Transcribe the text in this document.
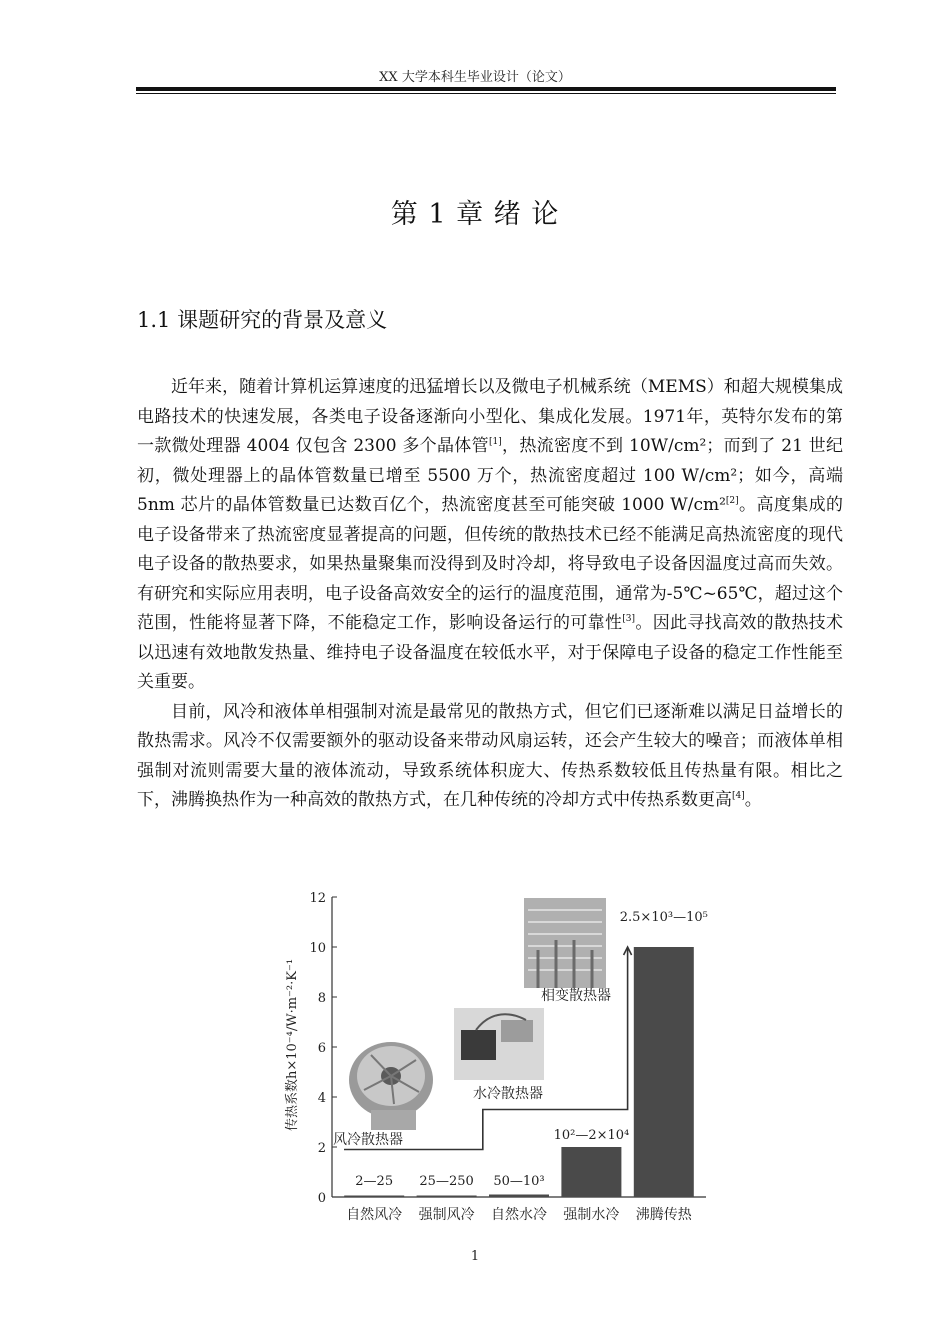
XX 大学本科生毕业设计（论文）
第 1 章 绪 论
1.1 课题研究的背景及意义

近年来，随着计算机运算速度的迅猛增长以及微电子机械系统（MEMS）和超大规模集成电路技术的快速发展，各类电子设备逐渐向小型化、集成化发展。1971年，英特尔发布的第一款微处理器 4004 仅包含 2300 多个晶体管[1]，热流密度不到 10W/cm²；而到了 21 世纪初，微处理器上的晶体管数量已增至 5500 万个，热流密度超过 100 W/cm²；如今，高端 5nm 芯片的晶体管数量已达数百亿个，热流密度甚至可能突破 1000 W/cm²[2]。高度集成的电子设备带来了热流密度显著提高的问题，但传统的散热技术已经不能满足高热流密度的现代电子设备的散热要求，如果热量聚集而没得到及时冷却，将导致电子设备因温度过高而失效。有研究和实际应用表明，电子设备高效安全的运行的温度范围，通常为-5℃~65℃，超过这个范围，性能将显著下降，不能稳定工作，影响设备运行的可靠性[3]。因此寻找高效的散热技术以迅速有效地散发热量、维持电子设备温度在较低水平，对于保障电子设备的稳定工作性能至关重要。

目前，风冷和液体单相强制对流是最常见的散热方式，但它们已逐渐难以满足日益增长的散热需求。风冷不仅需要额外的驱动设备来带动风扇运转，还会产生较大的噪音；而液体单相强制对流则需要大量的液体流动，导致系统体积庞大、传热系数较低且传热量有限。相比之下，沸腾换热作为一种高效的散热方式，在几种传统的冷却方式中传热系数更高[4]。

0
2
4
6
8
10
12
自然风冷 强制风冷 自然水冷 强制水冷 沸腾传热
2—25 25—250 50—10³
10²—2×10⁴
2.5×10³—10⁵
风冷散热器
水冷散热器
相变散热器
传热系数h×10⁻⁴/W·m⁻²·K⁻¹
1
